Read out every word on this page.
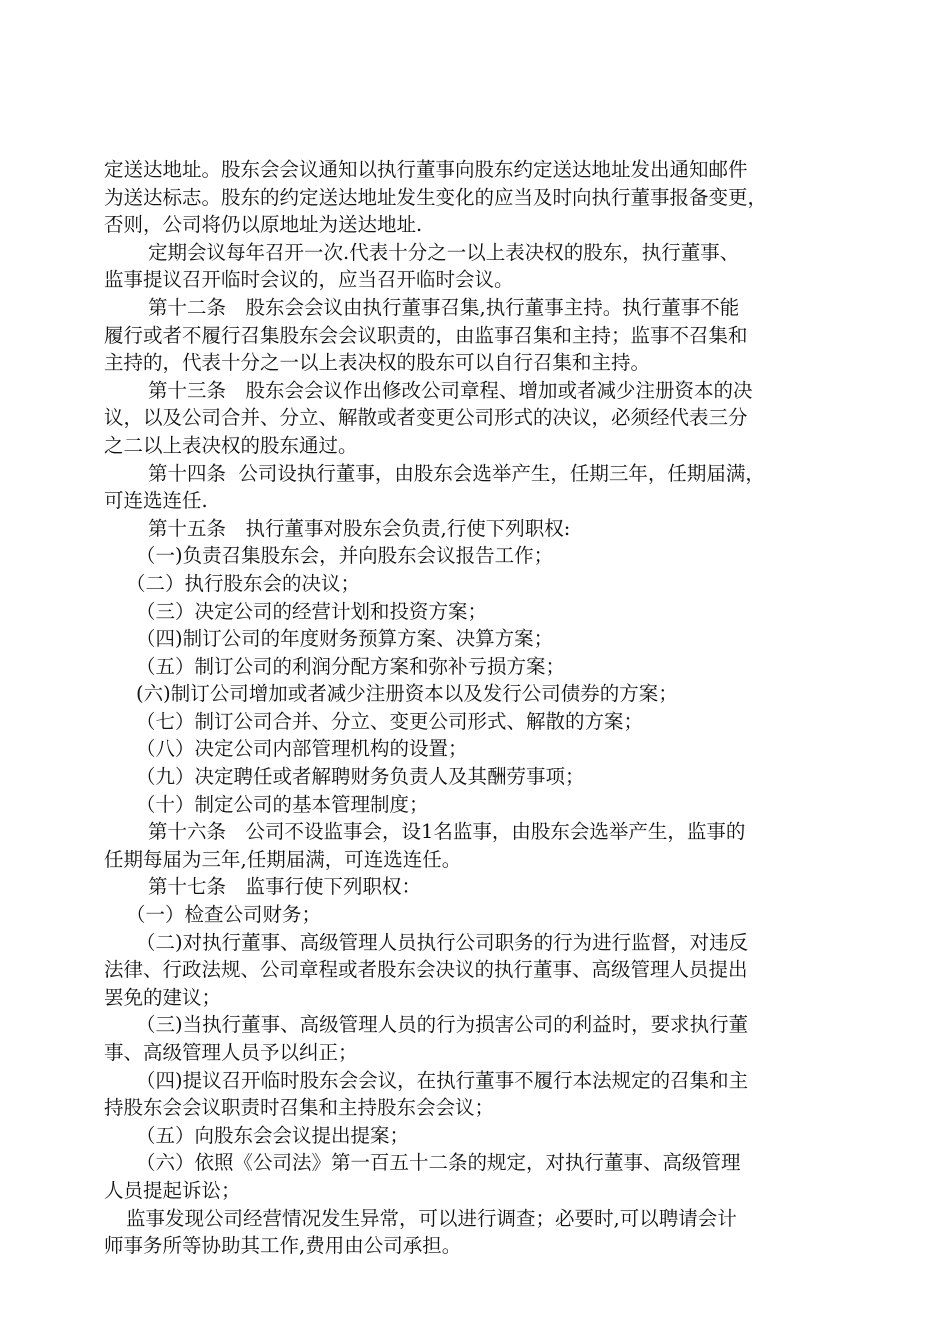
定送达地址。股东会会议通知以执行董事向股东约定送达地址发出通知邮件
为送达标志。股东的约定送达地址发生变化的应当及时向执行董事报备变更，
否则，公司将仍以原地址为送达地址.
定期会议每年召开一次.代表十分之一以上表决权的股东，执行董事、
监事提议召开临时会议的，应当召开临时会议。
第十二条　股东会会议由执行董事召集,执行董事主持。执行董事不能
履行或者不履行召集股东会会议职责的，由监事召集和主持；监事不召集和
主持的，代表十分之一以上表决权的股东可以自行召集和主持。
第十三条　股东会会议作出修改公司章程、增加或者减少注册资本的决
议，以及公司合并、分立、解散或者变更公司形式的决议，必须经代表三分
之二以上表决权的股东通过。
第十四条  公司设执行董事，由股东会选举产生，任期三年，任期届满，
可连选连任.
第十五条　执行董事对股东会负责,行使下列职权:
（一)负责召集股东会，并向股东会议报告工作；
（二）执行股东会的决议；
（三）决定公司的经营计划和投资方案；
（四)制订公司的年度财务预算方案、决算方案；
（五）制订公司的利润分配方案和弥补亏损方案；
(六)制订公司增加或者减少注册资本以及发行公司债券的方案；
（七）制订公司合并、分立、变更公司形式、解散的方案；
（八）决定公司内部管理机构的设置；
（九）决定聘任或者解聘财务负责人及其酬劳事项；
（十）制定公司的基本管理制度；
第十六条　公司不设监事会，设1名监事，由股东会选举产生，监事的
任期每届为三年,任期届满，可连选连任。
第十七条　监事行使下列职权：
（一）检查公司财务；
（二)对执行董事、高级管理人员执行公司职务的行为进行监督，对违反
法律、行政法规、公司章程或者股东会决议的执行董事、高级管理人员提出
罢免的建议；
（三)当执行董事、高级管理人员的行为损害公司的利益时，要求执行董
事、高级管理人员予以纠正；
（四)提议召开临时股东会会议，在执行董事不履行本法规定的召集和主
持股东会会议职责时召集和主持股东会会议；
（五）向股东会会议提出提案；
（六）依照《公司法》第一百五十二条的规定，对执行董事、高级管理
人员提起诉讼；
监事发现公司经营情况发生异常，可以进行调查；必要时,可以聘请会计
师事务所等协助其工作,费用由公司承担。
